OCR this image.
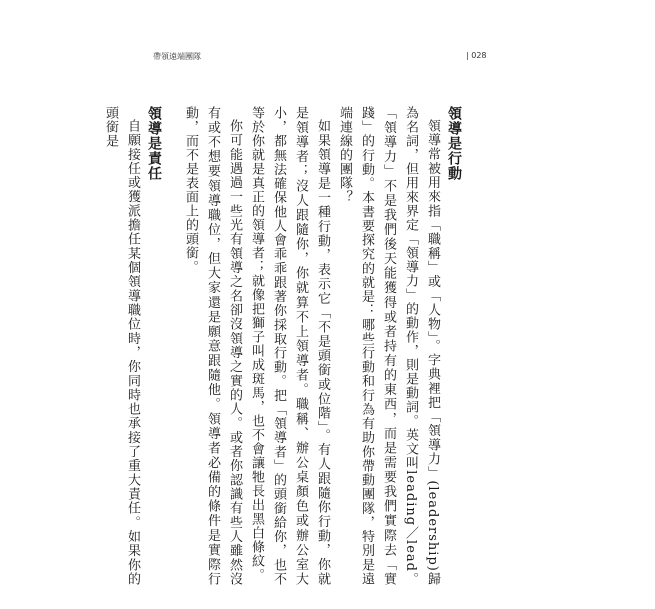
帶領遠端團隊	| 028
領導是行動

領導常被用來指「職稱」或「人物」。字典裡把「領導力」(leadership)歸為名詞，但用來界定「領導力」的動作，則是動詞。英文叫leading／lead。「領導力」不是我們後天能獲得或者持有的東西，而是需要我們實際去「實踐」的行動。本書要探究的就是：哪些行動和行為有助你帶動團隊，特別是遠端連線的團隊？

如果領導是一種行動，表示它「不是頭銜或位階」。有人跟隨你行動，你就是領導者；沒人跟隨你，你就算不上領導者。職稱、辦公桌顏色或辦公室大小，都無法確保他人會乖乖跟著你採取行動。把「領導者」的頭銜給你，也不等於你就是真正的領導者；就像把獅子叫成斑馬，也不會讓牠長出黑白條紋。

你可能遇過一些光有領導之名卻沒領導之實的人。或者你認識有些人雖然沒有或不想要領導職位，但大家還是願意跟隨他。領導者必備的條件是實際行動，而不是表面上的頭銜。

領導是責任

自願接任或獲派擔任某個領導職位時，你同時也承接了重大責任。如果你的頭銜是
